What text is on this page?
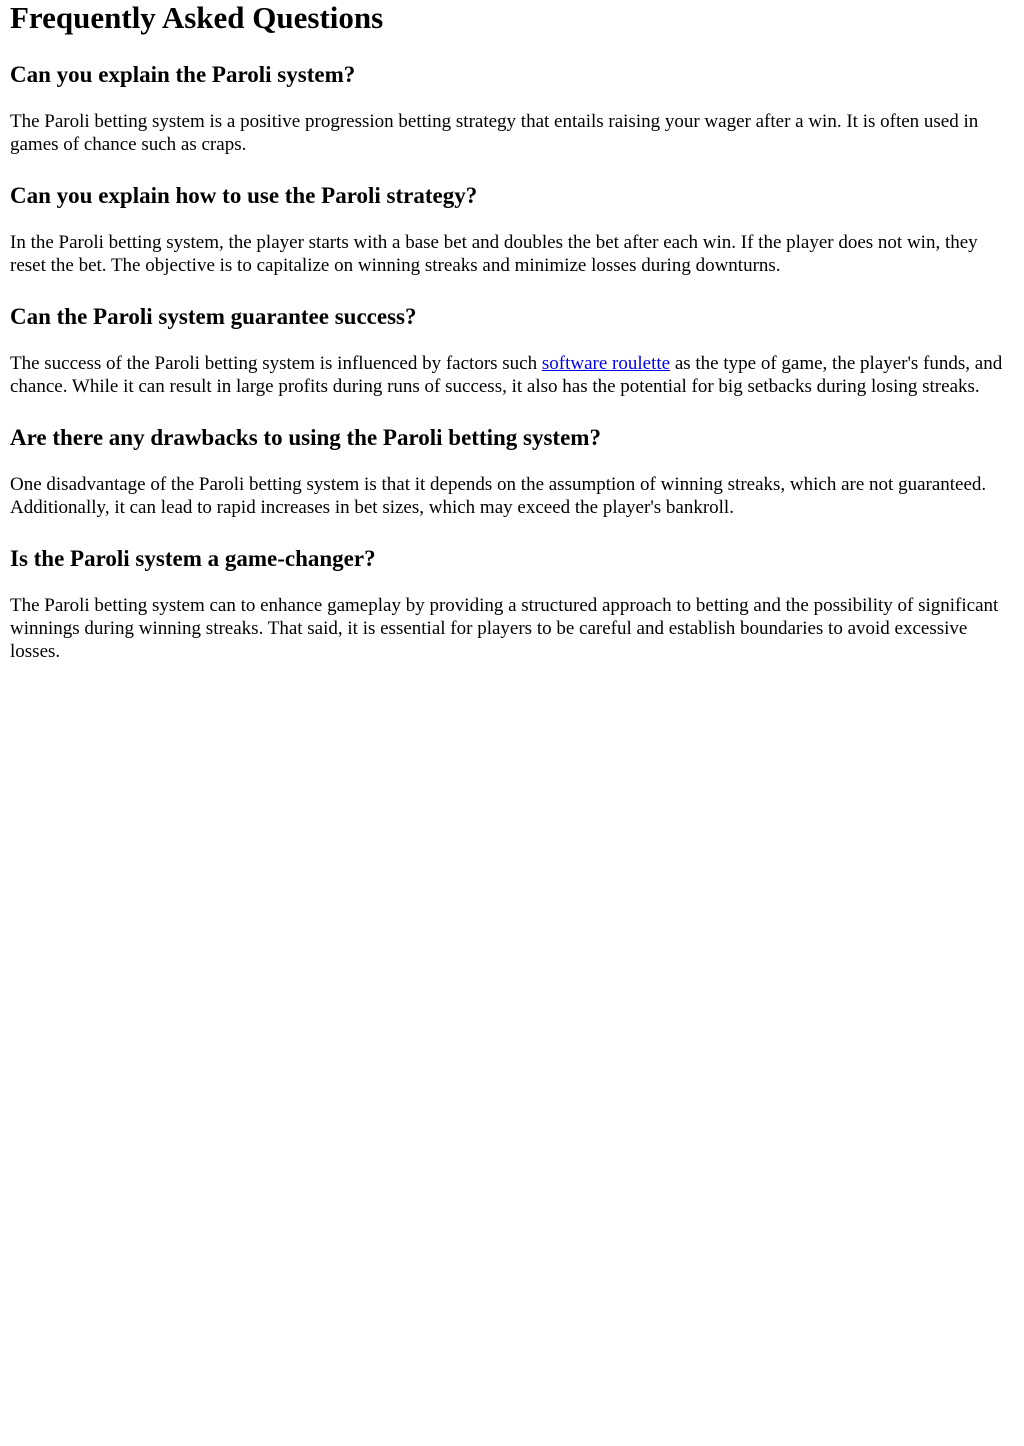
Frequently Asked Questions
Can you explain the Paroli system?

The Paroli betting system is a positive progression betting strategy that entails raising your wager after a win. It is often used in games of chance such as craps.

Can you explain how to use the Paroli strategy?

In the Paroli betting system, the player starts with a base bet and doubles the bet after each win. If the player does not win, they reset the bet. The objective is to capitalize on winning streaks and minimize losses during downturns.

Can the Paroli system guarantee success?

The success of the Paroli betting system is influenced by factors such software roulette as the type of game, the player's funds, and chance. While it can result in large profits during runs of success, it also has the potential for big setbacks during losing streaks.

Are there any drawbacks to using the Paroli betting system?

One disadvantage of the Paroli betting system is that it depends on the assumption of winning streaks, which are not guaranteed. Additionally, it can lead to rapid increases in bet sizes, which may exceed the player's bankroll.

Is the Paroli system a game-changer?

The Paroli betting system can to enhance gameplay by providing a structured approach to betting and the possibility of significant winnings during winning streaks. That said, it is essential for players to be careful and establish boundaries to avoid excessive losses.
